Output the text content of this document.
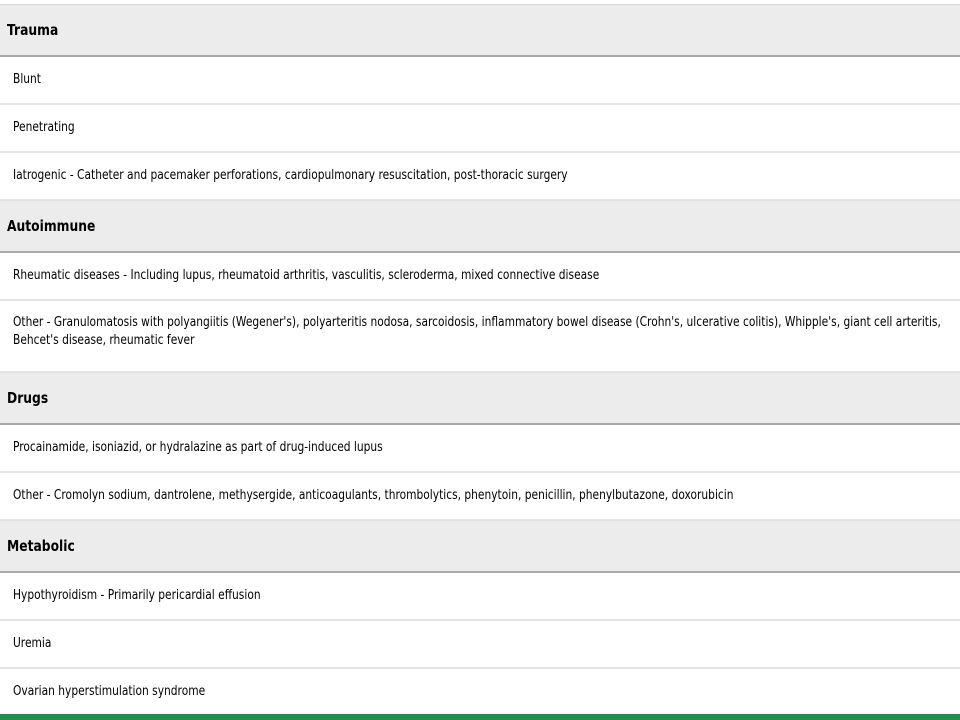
Trauma
Blunt
Penetrating
Iatrogenic - Catheter and pacemaker perforations, cardiopulmonary resuscitation, post-thoracic surgery
Autoimmune
Rheumatic diseases - Including lupus, rheumatoid arthritis, vasculitis, scleroderma, mixed connective disease
Other - Granulomatosis with polyangiitis (Wegener's), polyarteritis nodosa, sarcoidosis, inflammatory bowel disease (Crohn's, ulcerative colitis), Whipple's, giant cell arteritis, Behcet's disease, rheumatic fever
Drugs
Procainamide, isoniazid, or hydralazine as part of drug-induced lupus
Other - Cromolyn sodium, dantrolene, methysergide, anticoagulants, thrombolytics, phenytoin, penicillin, phenylbutazone, doxorubicin
Metabolic
Hypothyroidism - Primarily pericardial effusion
Uremia
Ovarian hyperstimulation syndrome
